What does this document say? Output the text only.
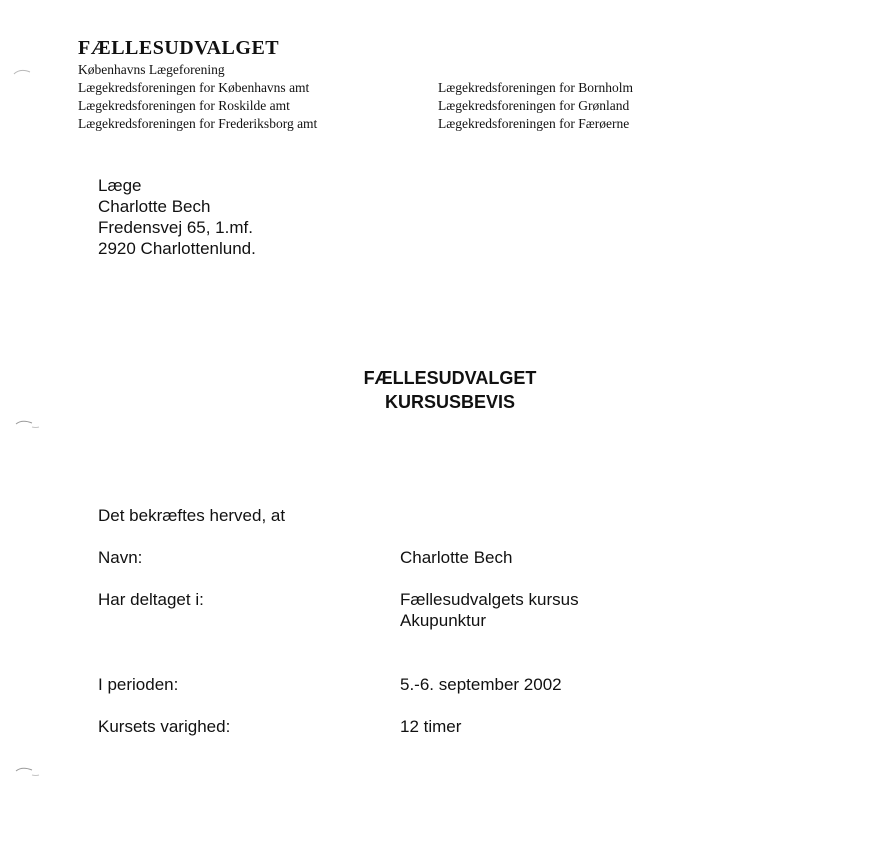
FÆLLESUDVALGET
Københavns Lægeforening
Lægekredsforeningen for Københavns amt
Lægekredsforeningen for Roskilde amt
Lægekredsforeningen for Frederiksborg amt
Lægekredsforeningen for Bornholm
Lægekredsforeningen for Grønland
Lægekredsforeningen for Færøerne
Læge
Charlotte Bech
Fredensvej 65, 1.mf.
2920 Charlottenlund.
FÆLLESUDVALGET
KURSUSBEVIS
Det bekræftes herved, at
Navn:	Charlotte Bech
Har deltaget i:	Fællesudvalgets kursus
Akupunktur
I perioden:	5.-6. september 2002
Kursets varighed:	12 timer
